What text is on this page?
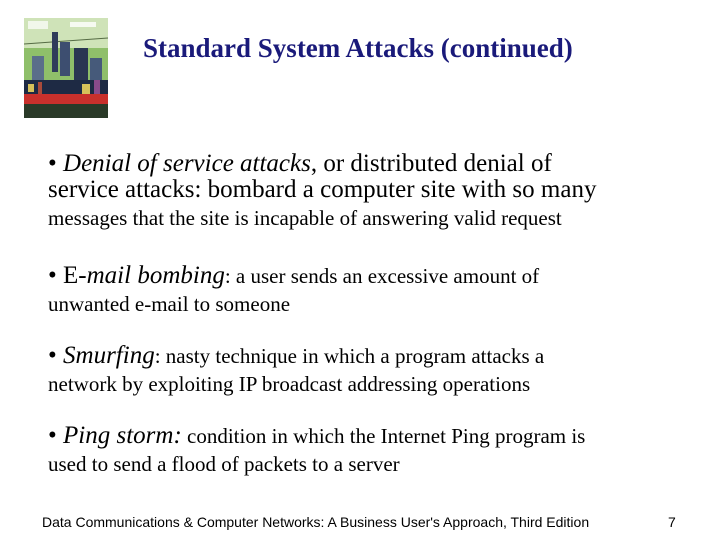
Standard System Attacks (continued)
• Denial of service attacks, or distributed denial of
service attacks: bombard a computer site with so many
messages that the site is incapable of answering valid request
• E-mail bombing: a user sends an excessive amount of
unwanted e-mail to someone
• Smurfing: nasty technique in which a program attacks a
network by exploiting IP broadcast addressing operations
• Ping storm: condition in which the Internet Ping program is
used to send a flood of packets to a server
Data Communications & Computer Networks: A Business User's Approach, Third Edition	7
